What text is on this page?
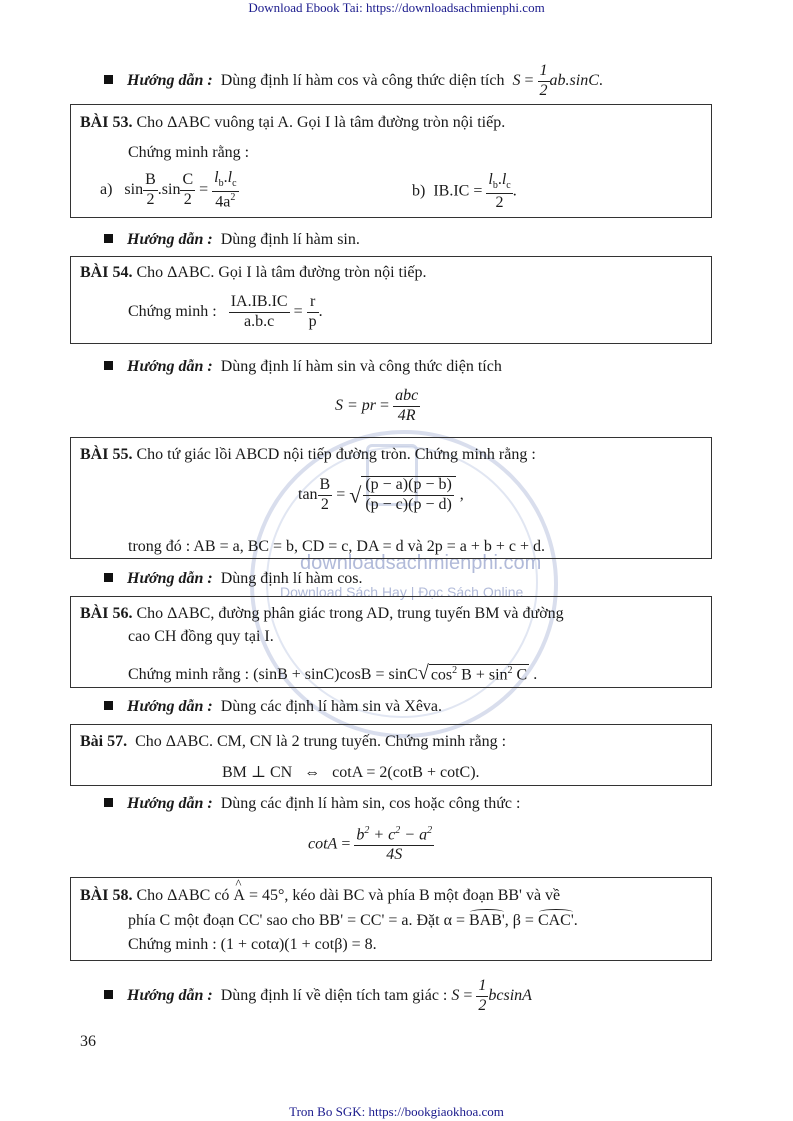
Download Ebook Tai: https://downloadsachmienphi.com
Tron Bo SGK: https://bookgiaokhoa.com
downloadsachmienphi.com
Download Sách Hay | Đọc Sách Online
Hướng dẫn : Dùng định lí hàm cos và công thức diện tích  $S = \frac{1}{2} ab.\sin C$.
BÀI 53. Cho ΔABC vuông tại A. Gọi I là tâm đường tròn nội tiếp.
Chứng minh rằng :
a)   $\sin \frac{B}{2} .\sin \frac{C}{2} = \frac{l_b.l_c}{4a^2}$	b)  $IB.IC = \frac{l_b.l_c}{2}$ .
Hướng dẫn : Dùng định lí hàm sin.
BÀI 54. Cho ΔABC. Gọi I là tâm đường tròn nội tiếp.
Chứng minh : $\frac{IA.IB.IC}{a.b.c} = \frac{r}{p}$ .
Hướng dẫn : Dùng định lí hàm sin và công thức diện tích
S = pr =
abc
4R
BÀI 55. Cho tứ giác lồi ABCD nội tiếp đường tròn. Chứng minh rằng :
$\tan \frac{B}{2}$ = √ $\frac{(p - a)(p - b)}{(p - c)(p - d)}$ ,
trong đó : AB = a, BC = b, CD = c, DA = d và 2p = a + b + c + d.
Hướng dẫn : Dùng định lí hàm cos.
BÀI 56. Cho ΔABC, đường phân giác trong AD, trung tuyến BM và đường
cao CH đồng quy tại I.
Chứng minh rằng : (sinB + sinC)cosB = sinC√ $\cos^2 B + \sin^2 C$ .
Hướng dẫn : Dùng các định lí hàm sin và Xêva.
Bài 57. Cho ΔABC. CM, CN là 2 trung tuyến. Chứng minh rằng :
BM ⊥ CN   ⇔   cotA = 2(cotB + cotC).
Hướng dẫn : Dùng các định lí hàm sin, cos hoặc công thức :
$\cot A = \frac{b^2 + c^2 - a^2}{4S}$
BÀI 58. Cho ΔABC có ^ A = 45°, kéo dài BC và phía B một đoạn BB' và về
phía C một đoạn CC' sao cho BB' = CC' = a. Đặt α = BAB', β = CAC'.
Chứng minh : (1 + cotα)(1 + cotβ) = 8.
Hướng dẫn : Dùng định lí về diện tích tam giác : $S = \frac{1}{2}$ bcsinA
36
